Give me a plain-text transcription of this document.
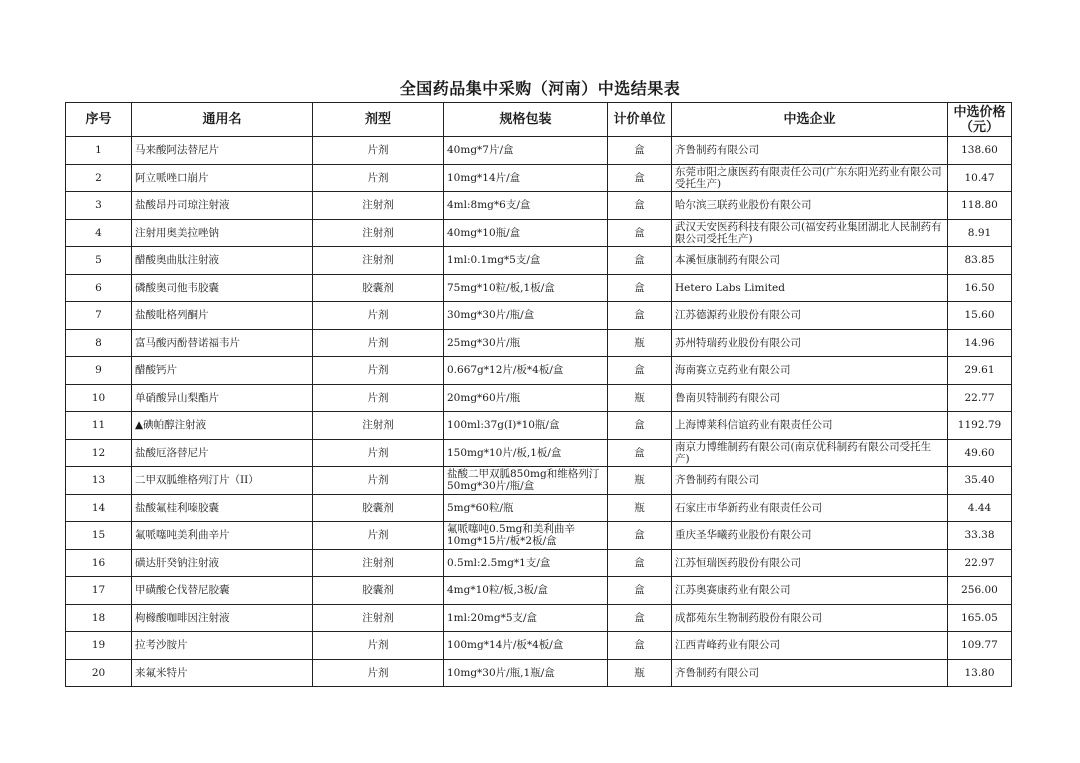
全国药品集中采购（河南）中选结果表
序号	通用名	剂型	规格包装	计价单位	中选企业	中选价格（元）
1	马来酸阿法替尼片	片剂	40mg*7片/盒	盒	齐鲁制药有限公司	138.60
2	阿立哌唑口崩片	片剂	10mg*14片/盒	盒	东莞市阳之康医药有限责任公司(广东东阳光药业有限公司受托生产)	10.47
3	盐酸昂丹司琼注射液	注射剂	4ml:8mg*6支/盒	盒	哈尔滨三联药业股份有限公司	118.80
4	注射用奥美拉唑钠	注射剂	40mg*10瓶/盒	盒	武汉天安医药科技有限公司(福安药业集团湖北人民制药有限公司受托生产)	8.91
5	醋酸奥曲肽注射液	注射剂	1ml:0.1mg*5支/盒	盒	本溪恒康制药有限公司	83.85
6	磷酸奥司他韦胶囊	胶囊剂	75mg*10粒/板,1板/盒	盒	Hetero Labs Limited	16.50
7	盐酸吡格列酮片	片剂	30mg*30片/瓶/盒	盒	江苏德源药业股份有限公司	15.60
8	富马酸丙酚替诺福韦片	片剂	25mg*30片/瓶	瓶	苏州特瑞药业股份有限公司	14.96
9	醋酸钙片	片剂	0.667g*12片/板*4板/盒	盒	海南赛立克药业有限公司	29.61
10	单硝酸异山梨酯片	片剂	20mg*60片/瓶	瓶	鲁南贝特制药有限公司	22.77
11	▲碘帕醇注射液	注射剂	100ml:37g(I)*10瓶/盒	盒	上海博莱科信谊药业有限责任公司	1192.79
12	盐酸厄洛替尼片	片剂	150mg*10片/板,1板/盒	盒	南京力博维制药有限公司(南京优科制药有限公司受托生产)	49.60
13	二甲双胍维格列汀片（II）	片剂	盐酸二甲双胍850mg和维格列汀50mg*30片/瓶/盒	瓶	齐鲁制药有限公司	35.40
14	盐酸氟桂利嗪胶囊	胶囊剂	5mg*60粒/瓶	瓶	石家庄市华新药业有限责任公司	4.44
15	氟哌噻吨美利曲辛片	片剂	氟哌噻吨0.5mg和美利曲辛10mg*15片/板*2板/盒	盒	重庆圣华曦药业股份有限公司	33.38
16	磺达肝癸钠注射液	注射剂	0.5ml:2.5mg*1支/盒	盒	江苏恒瑞医药股份有限公司	22.97
17	甲磺酸仑伐替尼胶囊	胶囊剂	4mg*10粒/板,3板/盒	盒	江苏奥赛康药业有限公司	256.00
18	枸橼酸咖啡因注射液	注射剂	1ml:20mg*5支/盒	盒	成都苑东生物制药股份有限公司	165.05
19	拉考沙胺片	片剂	100mg*14片/板*4板/盒	盒	江西青峰药业有限公司	109.77
20	来氟米特片	片剂	10mg*30片/瓶,1瓶/盒	瓶	齐鲁制药有限公司	13.80
